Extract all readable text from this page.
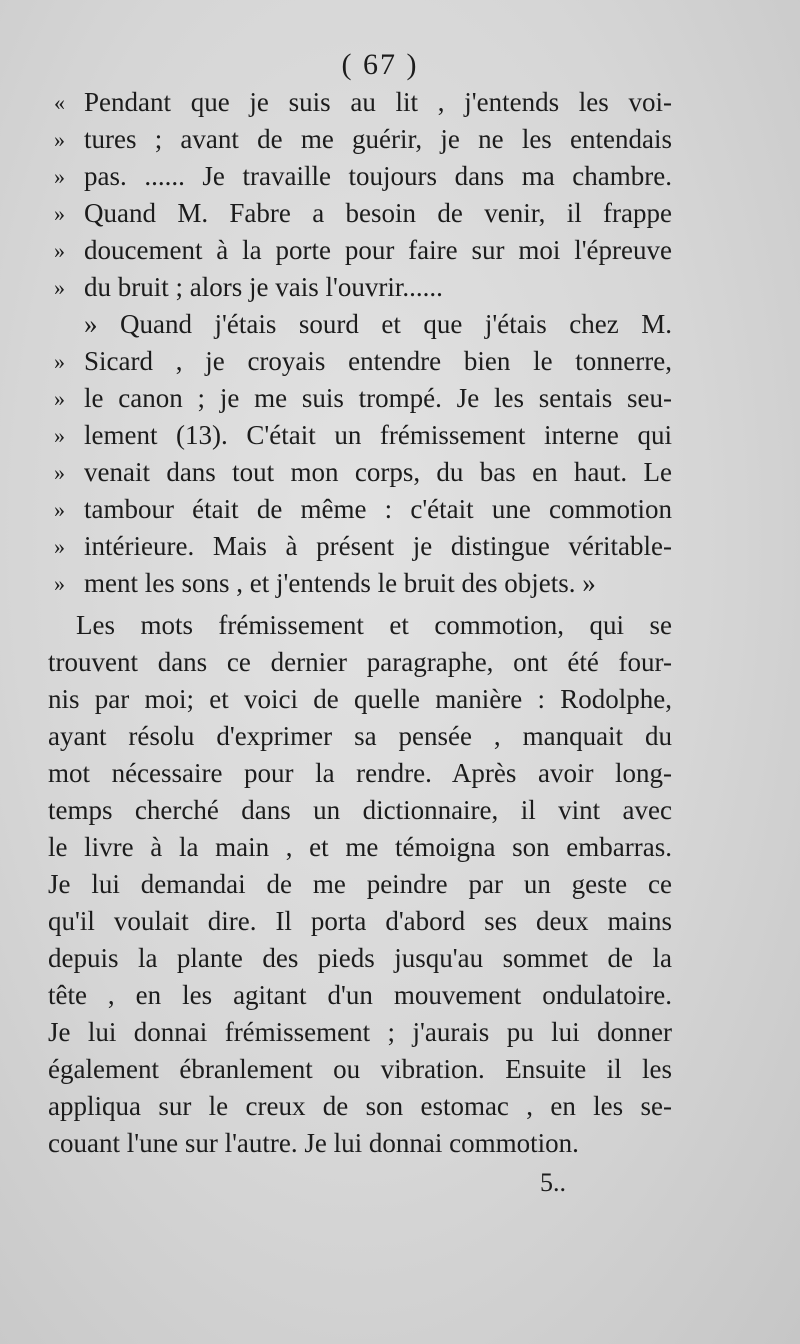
( 67 )
« Pendant que je suis au lit , j'entends les voi-
» tures ; avant de me guérir, je ne les entendais
» pas. ...... Je travaille toujours dans ma chambre.
» Quand M. Fabre a besoin de venir, il frappe
» doucement à la porte pour faire sur moi l'épreuve
» du bruit ; alors je vais l'ouvrir......
» Quand j'étais sourd et que j'étais chez M.
» Sicard , je croyais entendre bien le tonnerre,
» le canon ; je me suis trompé. Je les sentais seu-
» lement (13). C'était un frémissement interne qui
» venait dans tout mon corps, du bas en haut. Le
» tambour était de même : c'était une commotion
» intérieure. Mais à présent je distingue véritable-
» ment les sons , et j'entends le bruit des objets. »
Les mots frémissement et commotion, qui se
trouvent dans ce dernier paragraphe, ont été four-
nis par moi; et voici de quelle manière : Rodolphe,
ayant résolu d'exprimer sa pensée , manquait du
mot nécessaire pour la rendre. Après avoir long-
temps cherché dans un dictionnaire, il vint avec
le livre à la main , et me témoigna son embarras.
Je lui demandai de me peindre par un geste ce
qu'il voulait dire. Il porta d'abord ses deux mains
depuis la plante des pieds jusqu'au sommet de la
tête , en les agitant d'un mouvement ondulatoire.
Je lui donnai frémissement ; j'aurais pu lui donner
également ébranlement ou vibration. Ensuite il les
appliqua sur le creux de son estomac , en les se-
couant l'une sur l'autre. Je lui donnai commotion.
5..
